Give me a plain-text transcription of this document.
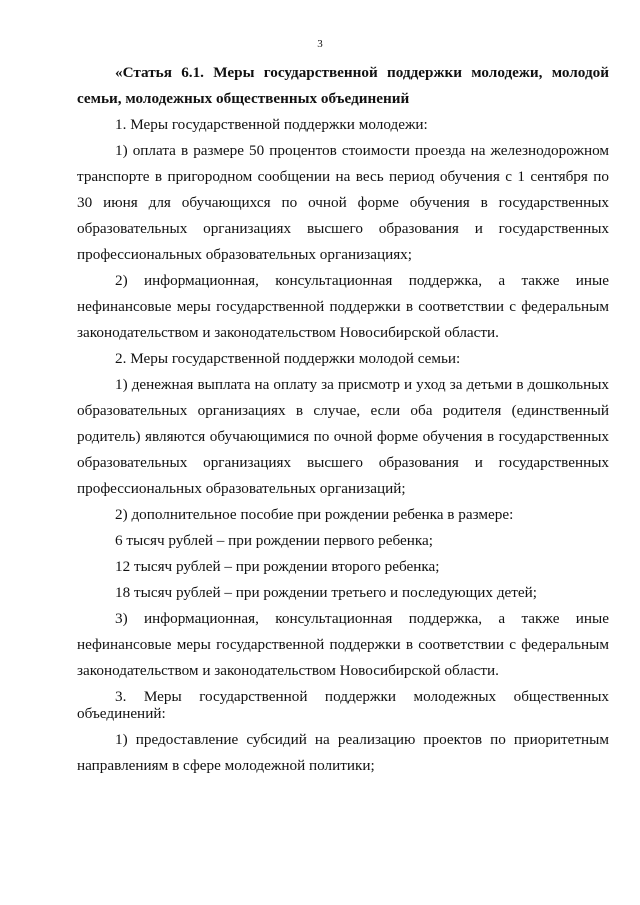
3

«Статья 6.1. Меры государственной поддержки молодежи, молодой семьи, молодежных общественных объединений

1. Меры государственной поддержки молодежи:

1) оплата в размере 50 процентов стоимости проезда на железнодорожном транспорте в пригородном сообщении на весь период обучения с 1 сентября по 30 июня для обучающихся по очной форме обучения в государственных образовательных организациях высшего образования и государственных профессиональных образовательных организациях;

2) информационная, консультационная поддержка, а также иные нефинансовые меры государственной поддержки в соответствии с федеральным законодательством и законодательством Новосибирской области.

2. Меры государственной поддержки молодой семьи:

1) денежная выплата на оплату за присмотр и уход за детьми в дошкольных образовательных организациях в случае, если оба родителя (единственный родитель) являются обучающимися по очной форме обучения в государственных образовательных организациях высшего образования и государственных профессиональных образовательных организаций;

2) дополнительное пособие при рождении ребенка в размере:

6 тысяч рублей – при рождении первого ребенка;

12 тысяч рублей – при рождении второго ребенка;

18 тысяч рублей – при рождении третьего и последующих детей;

3) информационная, консультационная поддержка, а также иные нефинансовые меры государственной поддержки в соответствии с федеральным законодательством и законодательством Новосибирской области.

3. Меры государственной поддержки молодежных общественных объединений:

1) предоставление субсидий на реализацию проектов по приоритетным направлениям в сфере молодежной политики;
